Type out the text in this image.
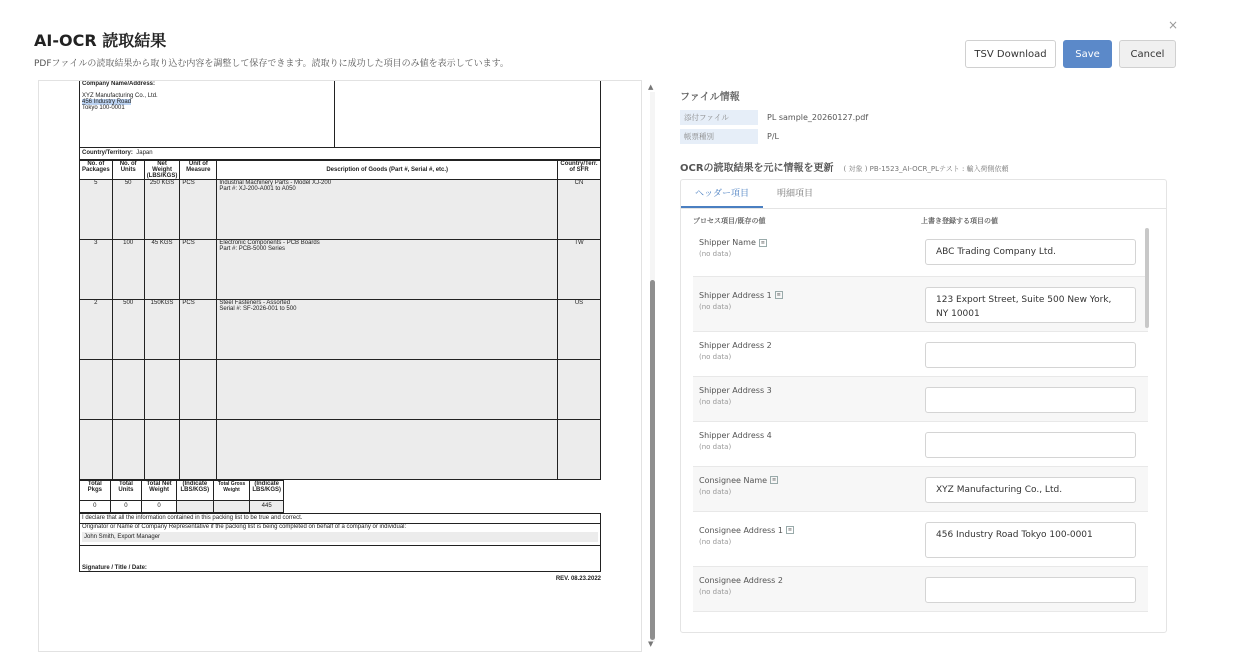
AI-OCR 読取結果
PDFファイルの読取結果から取り込む内容を調整して保存できます。読取りに成功した項目のみ値を表示しています。
×
TSV Download	Save	Cancel
Company Name/Address:
XYZ Manufacturing Co., Ltd.
456 Industry Road
Tokyo 100-0001

Country/Territory: Japan
No. of Packages	No. of Units	Net Weight (LBS/KGS)	Unit of Measure	Description of Goods (Part #, Serial #, etc.)	Country/Terr. of SFR
5	50	250 KGS	PCS	Industrial Machinery Parts - Model XJ-200
Part #: XJ-200-A001 to A050	CN
3	100	45 KGS	PCS	Electronic Components - PCB Boards
Part #: PCB-5000 Series	TW
2	500	150KGS	PCS	Steel Fasteners - Assorted
Serial #: SF-2026-001 to 500	US

Total Pkgs	Total Units	Total Net Weight	(Indicate LBS/KGS)	Total Gross Weight	(Indicate LBS/KGS)
0	0	0			445
I declare that all the information contained in this packing list to be true and correct.

Originator or Name of Company Representative if the packing list is being completed on behalf of a company or individual:
John Smith, Export Manager

Signature / Title / Date:
REV. 08.23.2022
▲
▼
ファイル情報
添付ファイル	PL sample_20260127.pdf
帳票種別	P/L
OCRの読取結果を元に情報を更新 ( 対象 ) PB-1523_AI-OCR_PLテスト : 輸入荷側依頼
ヘッダー項目	明細項目
プロセス項目/既存の値	上書き登録する項目の値
Shipper Name ≡
(no data)	ABC Trading Company Ltd.
Shipper Address 1 ≡
(no data)
123 Export Street, Suite 500 New York, NY 10001
Shipper Address 2
(no data)
Shipper Address 3
(no data)
Shipper Address 4
(no data)
Consignee Name ≡
(no data)	XYZ Manufacturing Co., Ltd.
Consignee Address 1 ≡
(no data)
456 Industry Road Tokyo 100-0001
Consignee Address 2
(no data)
